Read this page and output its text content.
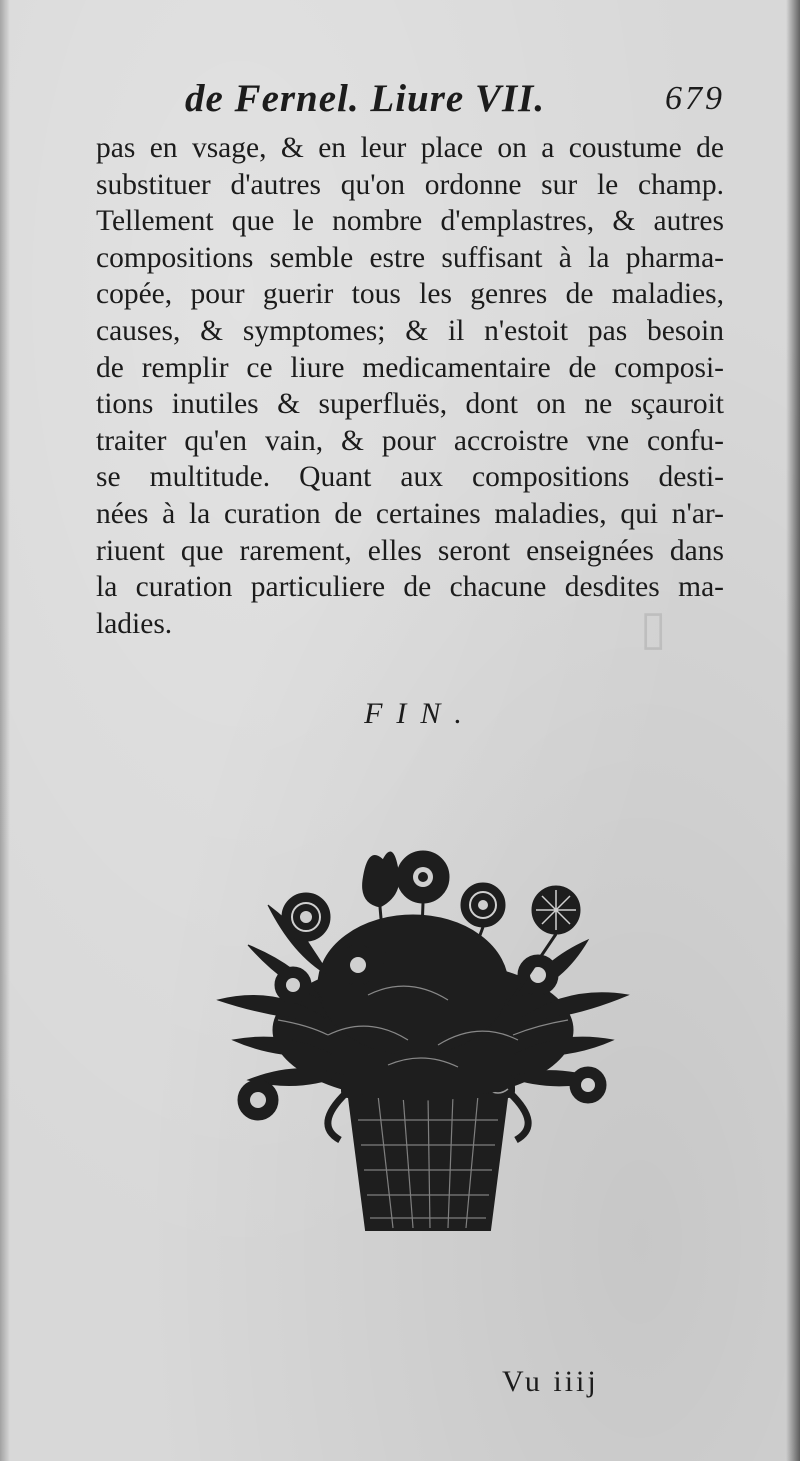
▯
de Fernel. Liure VII.	679
pas en vsage, & en leur place on a coustume de
substituer d'autres qu'on ordonne sur le champ.
Tellement que le nombre d'emplastres, & autres
compositions semble estre suffisant à la pharma-
copée, pour guerir tous les genres de maladies,
causes, & symptomes; & il n'estoit pas besoin
de remplir ce liure medicamentaire de composi-
tions inutiles & superfluës, dont on ne sçauroit
traiter qu'en vain, & pour accroistre vne confu-
se multitude. Quant aux compositions desti-
nées à la curation de certaines maladies, qui n'ar-
riuent que rarement, elles seront enseignées dans
la curation particuliere de chacune desdites ma-
ladies.
FIN.
Vu iiij
